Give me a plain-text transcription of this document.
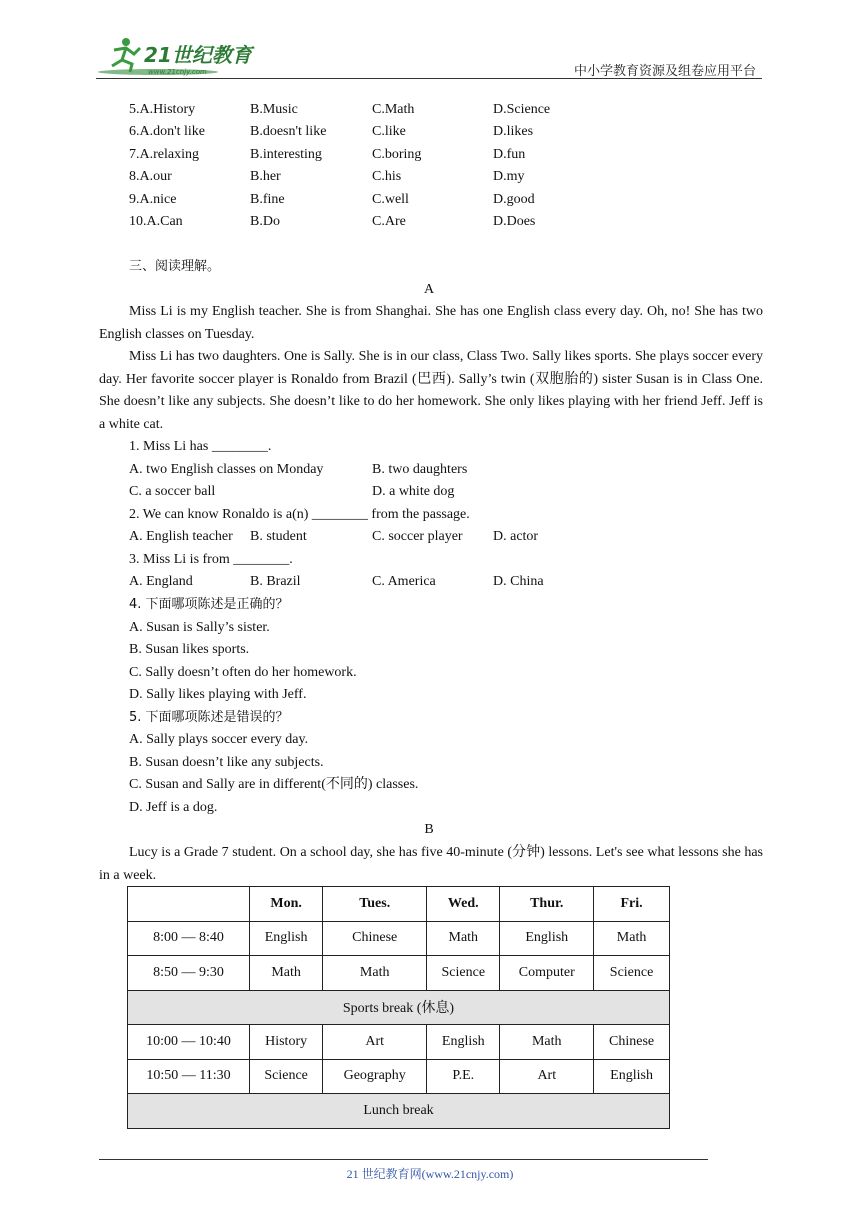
21世纪教育
www.21cnjy.com	中小学教育资源及组卷应用平台
5.A.History	B.Music	C.Math	D.Science
6.A.don't like	B.doesn't like	C.like	D.likes
7.A.relaxing	B.interesting	C.boring	D.fun
8.A.our	B.her	C.his	D.my
9.A.nice	B.fine	C.well	D.good
10.A.Can	B.Do	C.Are	D.Does
三、阅读理解。
A

Miss Li is my English teacher. She is from Shanghai. She has one English class every day. Oh, no! She has two English classes on Tuesday.

Miss Li has two daughters. One is Sally. She is in our class, Class Two. Sally likes sports. She plays soccer every day. Her favorite soccer player is Ronaldo from Brazil (巴西). Sally’s twin (双胞胎的) sister Susan is in Class One. She doesn’t like any subjects. She doesn’t like to do her homework. She only likes playing with her friend Jeff. Jeff is a white cat.

1. Miss Li has ________.
A. two English classes on Monday	B. two daughters
C. a soccer ball	D. a white dog
2. We can know Ronaldo is a(n) ________ from the passage.
A. English teacher B. student	C. soccer player D. actor
3. Miss Li is from ________.
A. England	B. Brazil	C. America	D. China
4. 下面哪项陈述是正确的？
A. Susan is Sally’s sister.
B. Susan likes sports.
C. Sally doesn’t often do her homework.
D. Sally likes playing with Jeff.
5. 下面哪项陈述是错误的？
A. Sally plays soccer every day.
B. Susan doesn’t like any subjects.
C. Susan and Sally are in different(不同的) classes.
D. Jeff is a dog.
B

Lucy is a Grade 7 student. On a school day, she has five 40-minute (分钟) lessons. Let's see what lessons she has in a week.

	Mon.	Tues.	Wed.	Thur.	Fri.
8:00 — 8:40	English	Chinese	Math	English	Math
8:50 — 9:30	Math	Math	Science	Computer	Science
Sports break (休息)					
10:00 — 10:40	History	Art	English	Math	Chinese
10:50 — 11:30	Science	Geography	P.E.	Art	English
Lunch break					
21 世纪教育网(www.21cnjy.com)
